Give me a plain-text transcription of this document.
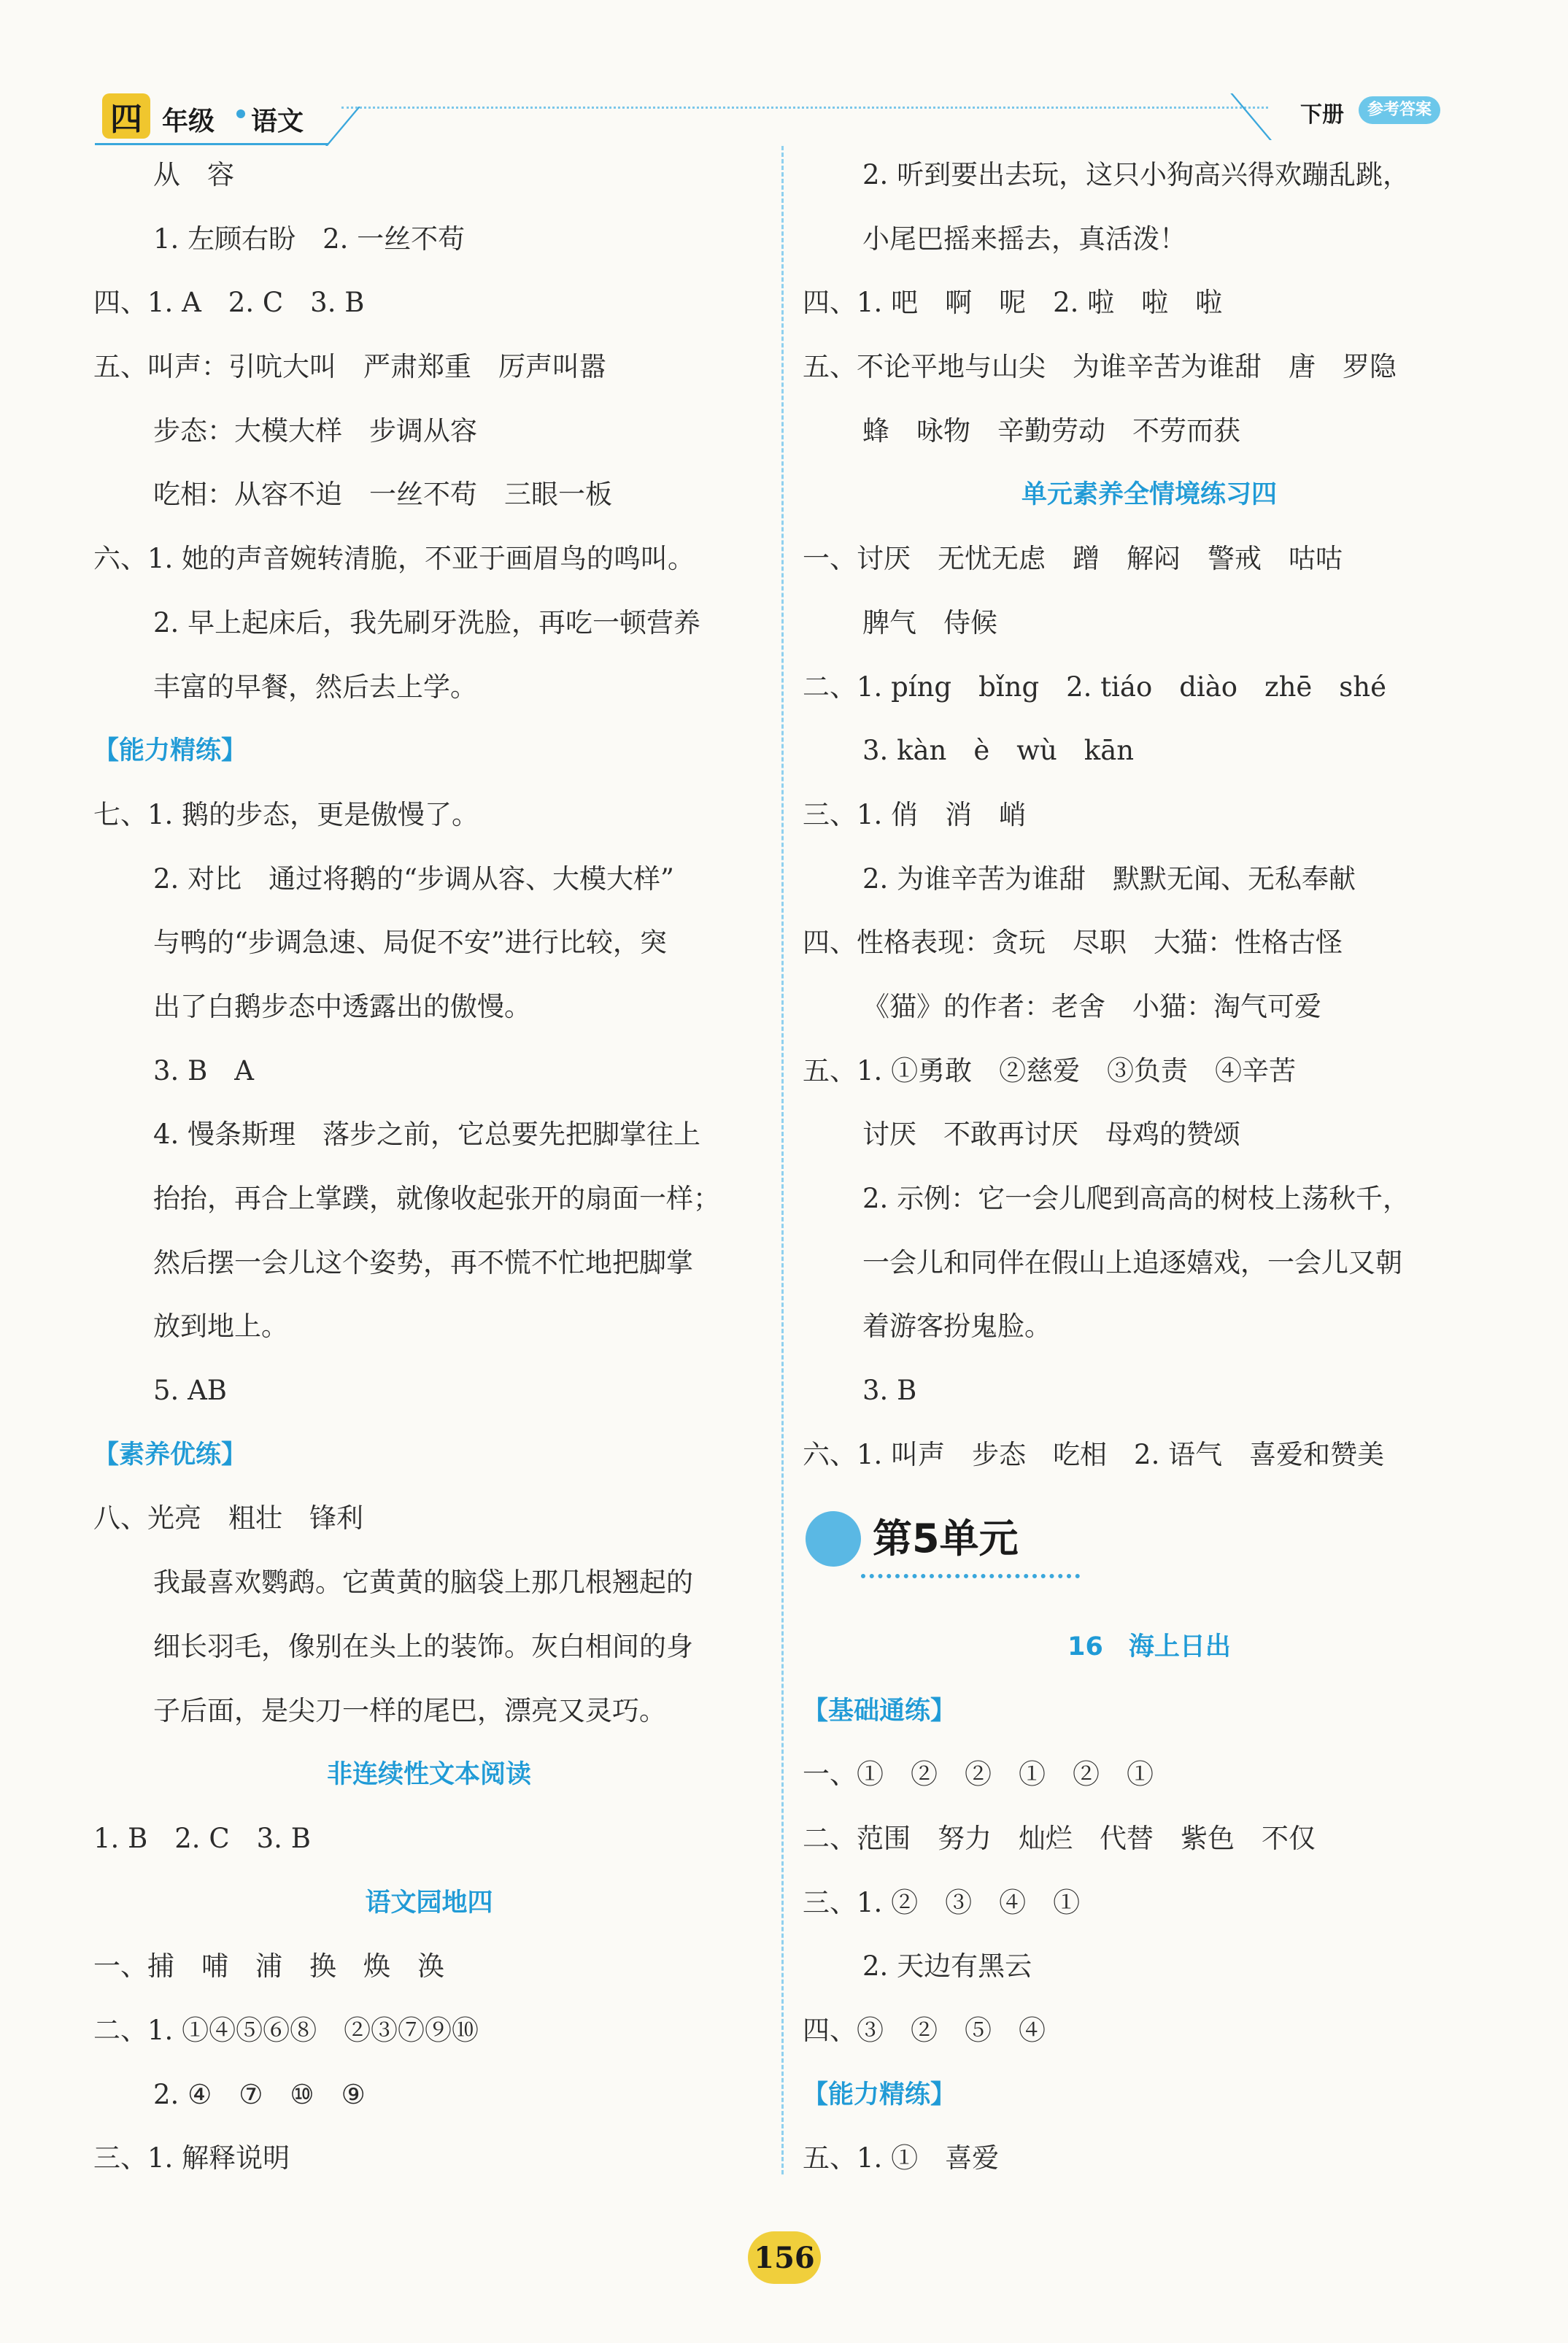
四 年级 语文	下册	参考答案
从　容
1. 左顾右盼　2. 一丝不苟
四、1. A　2. C　3. B
五、叫声：引吭大叫　严肃郑重　厉声叫嚣
步态：大模大样　步调从容
吃相：从容不迫　一丝不苟　三眼一板
六、1. 她的声音婉转清脆，不亚于画眉鸟的鸣叫。
2. 早上起床后，我先刷牙洗脸，再吃一顿营养
丰富的早餐，然后去上学。
【能力精练】
七、1. 鹅的步态，更是傲慢了。
2. 对比　通过将鹅的“步调从容、大模大样”
与鸭的“步调急速、局促不安”进行比较，突
出了白鹅步态中透露出的傲慢。
3. B　A
4. 慢条斯理　落步之前，它总要先把脚掌往上
抬抬，再合上掌蹼，就像收起张开的扇面一样；
然后摆一会儿这个姿势，再不慌不忙地把脚掌
放到地上。
5. AB
【素养优练】
八、光亮　粗壮　锋利
我最喜欢鹦鹉。它黄黄的脑袋上那几根翘起的
细长羽毛，像别在头上的装饰。灰白相间的身
子后面，是尖刀一样的尾巴，漂亮又灵巧。
非连续性文本阅读
1. B　2. C　3. B
语文园地四
一、捕　哺　浦　换　焕　涣
二、1. ①④⑤⑥⑧　②③⑦⑨⑩
2. ④　⑦　⑩　⑨
三、1. 解释说明
2. 听到要出去玩，这只小狗高兴得欢蹦乱跳，
小尾巴摇来摇去，真活泼！
四、1. 吧　啊　呢　2. 啦　啦　啦
五、不论平地与山尖　为谁辛苦为谁甜　唐　罗隐
蜂　咏物　辛勤劳动　不劳而获
单元素养全情境练习四
一、讨厌　无忧无虑　蹭　解闷　警戒　咕咕
脾气　侍候
二、1. píng　bǐng　2. tiáo　diào　zhē　shé
3. kàn　è　wù　kān
三、1. 俏　消　峭
2. 为谁辛苦为谁甜　默默无闻、无私奉献
四、性格表现：贪玩　尽职　大猫：性格古怪
《猫》的作者：老舍　小猫：淘气可爱
五、1. ①勇敢　②慈爱　③负责　④辛苦
讨厌　不敢再讨厌　母鸡的赞颂
2. 示例：它一会儿爬到高高的树枝上荡秋千，
一会儿和同伴在假山上追逐嬉戏，一会儿又朝
着游客扮鬼脸。
3. B
六、1. 叫声　步态　吃相　2. 语气　喜爱和赞美
第5单元
16　海上日出
【基础通练】
一、①　②　②　①　②　①
二、范围　努力　灿烂　代替　紫色　不仅
三、1. ②　③　④　①
2. 天边有黑云
四、③　②　⑤　④
【能力精练】
五、1. ①　喜爱
156
